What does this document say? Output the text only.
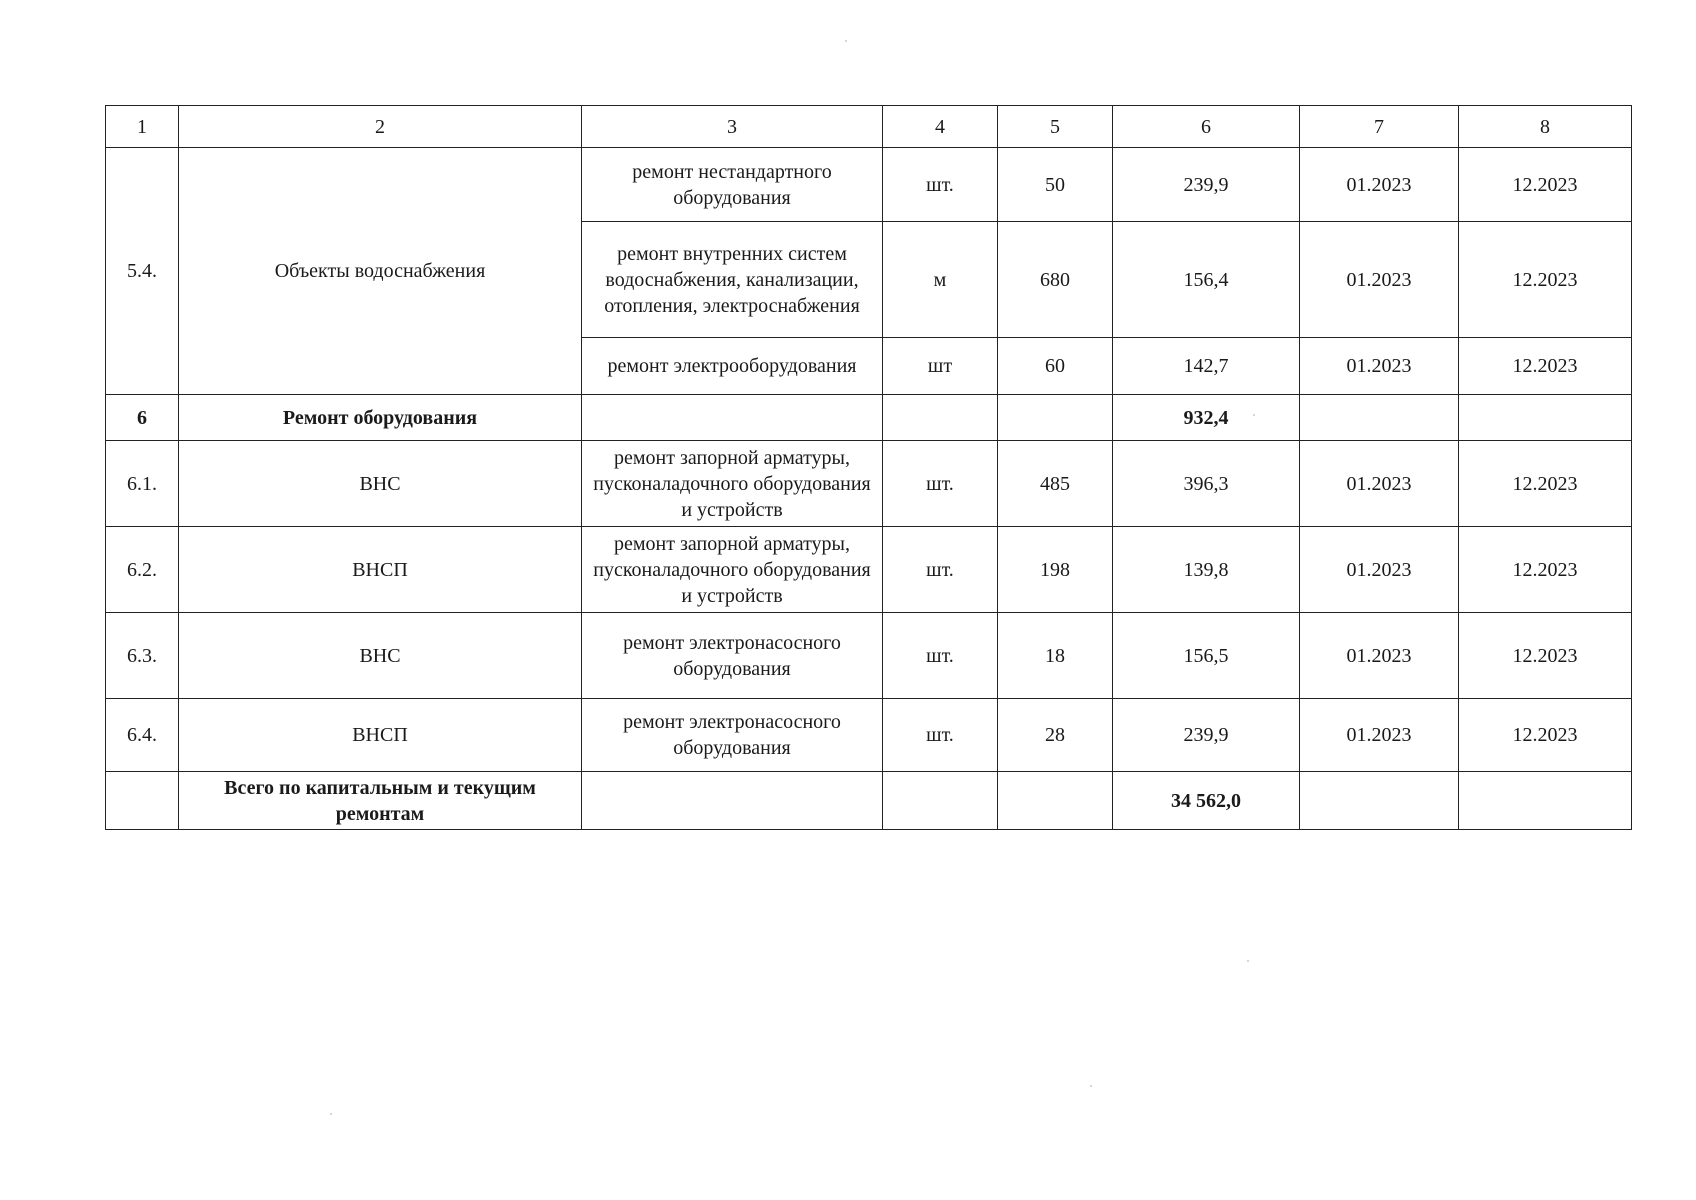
1	2	3	4	5	6	7	8
5.4.	Объекты водоснабжения	ремонт нестандартного оборудования	шт.	50	239,9	01.2023	12.2023
		ремонт внутренних систем водоснабжения, канализации, отопления, электроснабжения	м	680	156,4	01.2023	12.2023
		ремонт электрооборудования	шт	60	142,7	01.2023	12.2023
6	Ремонт оборудования				932,4		
6.1.	ВНС	ремонт запорной арматуры, пусконаладочного оборудования и устройств	шт.	485	396,3	01.2023	12.2023
6.2.	ВНСП	ремонт запорной арматуры, пусконаладочного оборудования и устройств	шт.	198	139,8	01.2023	12.2023
6.3.	ВНС	ремонт электронасосного оборудования	шт.	18	156,5	01.2023	12.2023
6.4.	ВНСП	ремонт электронасосного оборудования	шт.	28	239,9	01.2023	12.2023
	Всего по капитальным и текущим ремонтам				34 562,0		
